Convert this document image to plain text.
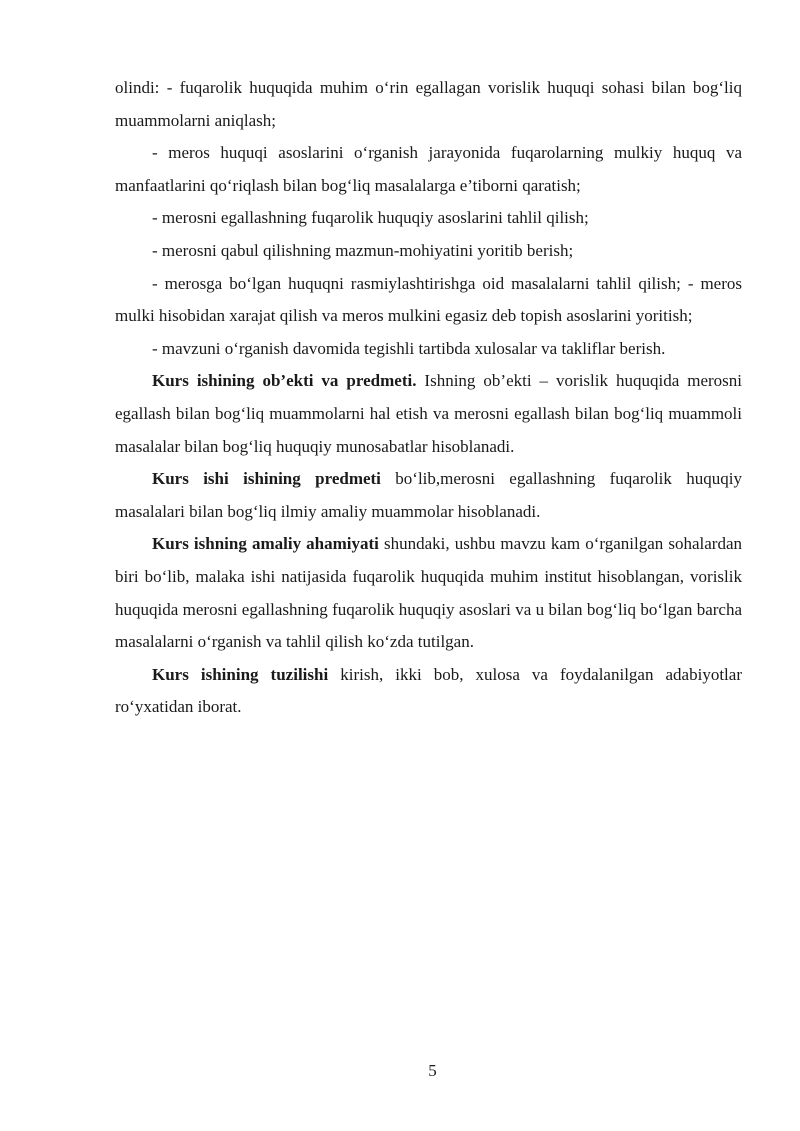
olindi: - fuqarolik huquqida muhim o‘rin egallagan vorislik huquqi sohasi bilan bog‘liq muammolarni aniqlash;

- meros huquqi asoslarini o‘rganish jarayonida fuqarolarning mulkiy huquq va manfaatlarini qo‘riqlash bilan bog‘liq masalalarga e’tiborni qaratish;

- merosni egallashning fuqarolik huquqiy asoslarini tahlil qilish;

- merosni qabul qilishning mazmun-mohiyatini yoritib berish;

- merosga bo‘lgan huquqni rasmiylashtirishga oid masalalarni tahlil qilish; - meros mulki hisobidan xarajat qilish va meros mulkini egasiz deb topish asoslarini yoritish;

- mavzuni o‘rganish davomida tegishli tartibda xulosalar va takliflar berish.

Kurs ishining ob’ekti va predmeti. Ishning ob’ekti – vorislik huquqida merosni egallash bilan bog‘liq muammolarni hal etish va merosni egallash bilan bog‘liq muammoli masalalar bilan bog‘liq huquqiy munosabatlar hisoblanadi.

Kurs ishi ishining predmeti bo‘lib,merosni egallashning fuqarolik huquqiy masalalari bilan bog‘liq ilmiy amaliy muammolar hisoblanadi.

Kurs ishning amaliy ahamiyati shundaki, ushbu mavzu kam o‘rganilgan sohalardan biri bo‘lib, malaka ishi natijasida fuqarolik huquqida muhim institut hisoblangan, vorislik huquqida merosni egallashning fuqarolik huquqiy asoslari va u bilan bog‘liq bo‘lgan barcha masalalarni o‘rganish va tahlil qilish ko‘zda tutilgan.

Kurs ishining tuzilishi kirish, ikki bob, xulosa va foydalanilgan adabiyotlar ro‘yxatidan iborat.

5
